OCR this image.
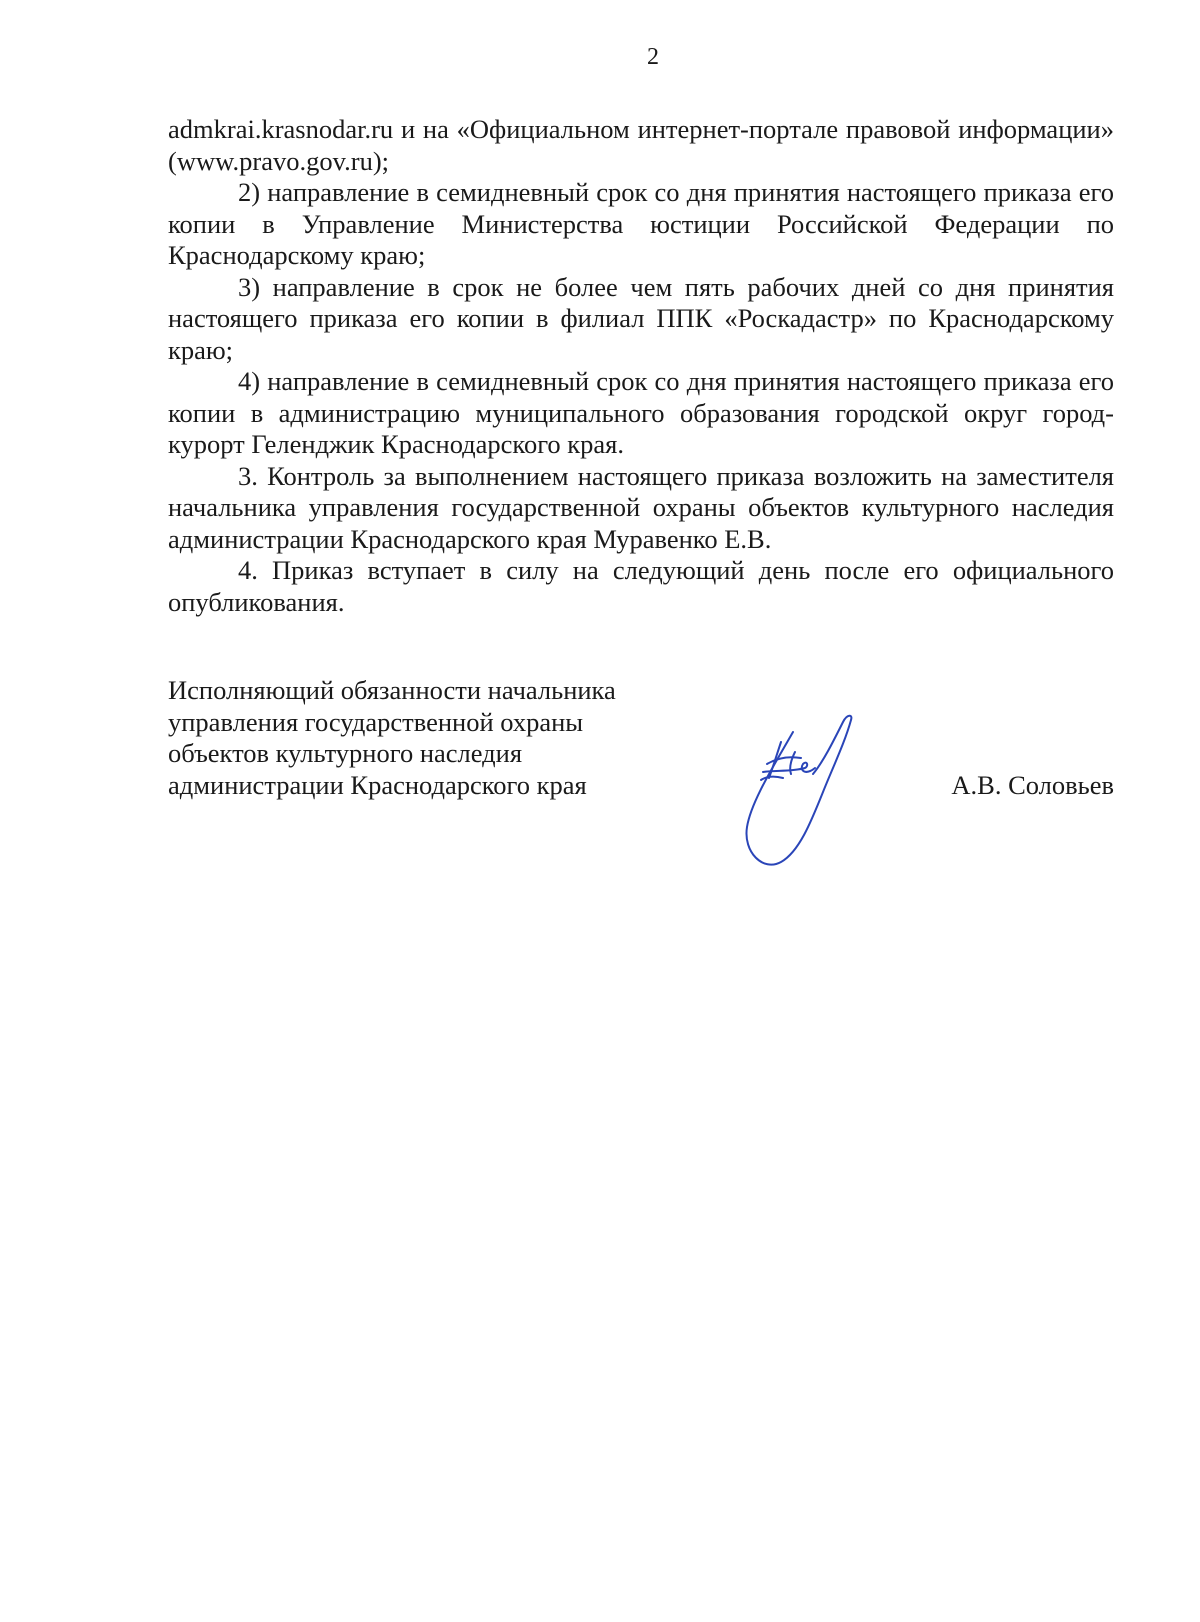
2

admkrai.krasnodar.ru и на «Официальном интернет-портале правовой информации» (www.pravo.gov.ru);

2) направление в семидневный срок со дня принятия настоящего приказа его копии в Управление Министерства юстиции Российской Федерации по Краснодарскому краю;

3) направление в срок не более чем пять рабочих дней со дня принятия настоящего приказа его копии в филиал ППК «Роскадастр» по Краснодарскому краю;

4) направление в семидневный срок со дня принятия настоящего приказа его копии в администрацию муниципального образования городской округ город-курорт Геленджик Краснодарского края.

3. Контроль за выполнением настоящего приказа возложить на заместителя начальника управления государственной охраны объектов культурного наследия администрации Краснодарского края Муравенко Е.В.

4. Приказ вступает в силу на следующий день после его официального опубликования.

Исполняющий обязанности начальника
управления государственной охраны
объектов культурного наследия
администрации Краснодарского края	А.В. Соловьев
